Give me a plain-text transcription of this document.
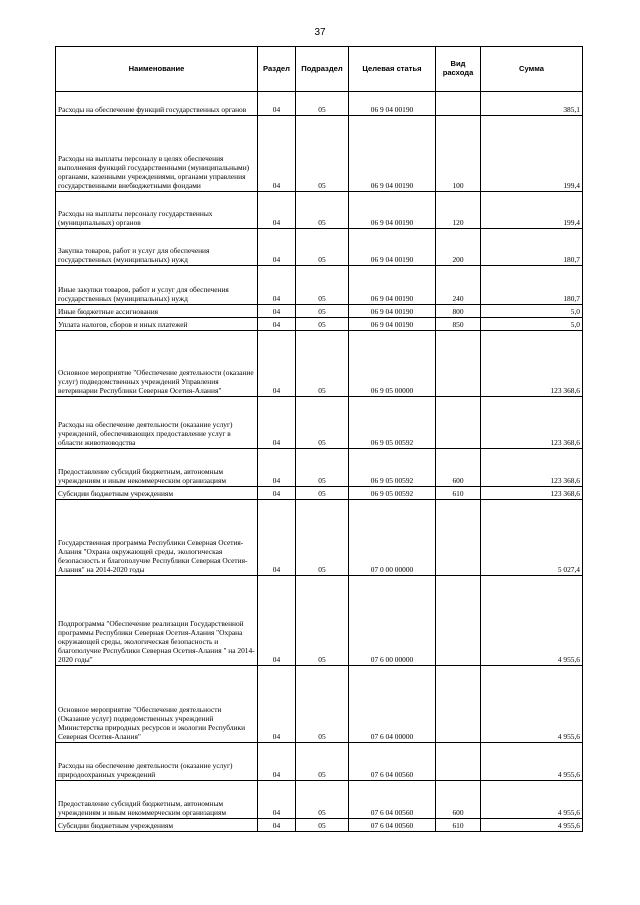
37
Наименование	Раздел	Подраздел	Целевая статья	Вид расхода	Сумма
Расходы на обеспечение функций государственных органов	04	05	06 9 04 00190		385,1
Расходы на выплаты персоналу в целях обеспечения выполнения функций государственными (муниципальными) органами, казенными учреждениями, органами управления государственными внебюджетными фондами	04	05	06 9 04 00190	100	199,4
Расходы на выплаты персоналу государственных (муниципальных) органов	04	05	06 9 04 00190	120	199,4
Закупка товаров, работ и услуг для обеспечения государственных (муниципальных) нужд	04	05	06 9 04 00190	200	180,7
Иные закупки товаров, работ и услуг для обеспечения государственных (муниципальных) нужд	04	05	06 9 04 00190	240	180,7
Иные бюджетные ассигнования	04	05	06 9 04 00190	800	5,0
Уплата налогов, сборов и иных платежей	04	05	06 9 04 00190	850	5,0
Основное мероприятие "Обеспечение деятельности (оказание услуг) подведомственных учреждений Управления ветеринарии Республики Северная Осетия-Алания"	04	05	06 9 05 00000		123 368,6
Расходы на обеспечение деятельности (оказание услуг) учреждений, обеспечивающих предоставление услуг в области животноводства	04	05	06 9 05 00592		123 368,6
Предоставление субсидий бюджетным, автономным учреждениям и иным некоммерческим организациям	04	05	06 9 05 00592	600	123 368,6
Субсидии бюджетным учреждениям	04	05	06 9 05 00592	610	123 368,6
Государственная программа Республики Северная Осетия-Алания "Охрана окружающей среды, экологическая безопасность и благополучие Республики Северная Осетия-Алания" на 2014-2020 годы	04	05	07 0 00 00000		5 027,4
Подпрограмма "Обеспечение реализации Государственной программы Республики Северная Осетия-Алания "Охрана окружающей среды, экологическая безопасность и благополучие Республики Северная Осетия-Алания " на 2014-2020 годы"	04	05	07 6 00 00000		4 955,6
Основное мероприятие "Обеспечение деятельности (Оказание услуг) подведомственных учреждений Министерства природных ресурсов и экологии Республики Северная Осетия-Алания"	04	05	07 6 04 00000		4 955,6
Расходы на обеспечение деятельности (оказание услуг) природоохранных учреждений	04	05	07 6 04 00560		4 955,6
Предоставление субсидий бюджетным, автономным учреждениям и иным некоммерческим организациям	04	05	07 6 04 00560	600	4 955,6
Субсидии бюджетным учреждениям	04	05	07 6 04 00560	610	4 955,6
